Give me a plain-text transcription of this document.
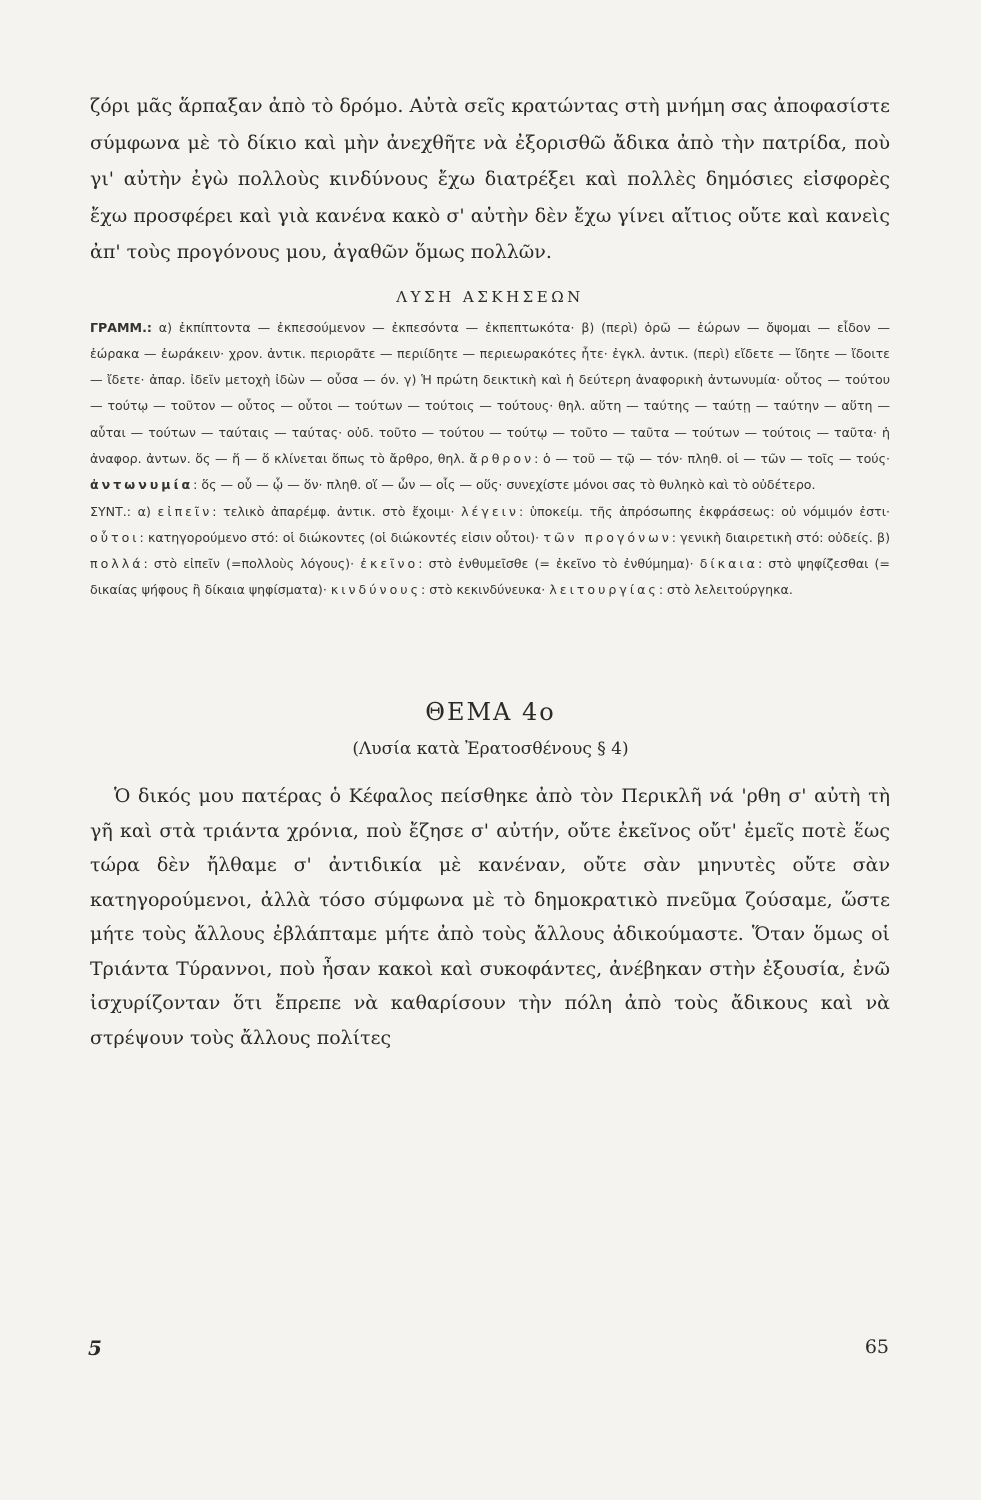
ζόρι μᾶς ἅρπαξαν ἀπὸ τὸ δρόμο. Αὐτὰ σεῖς κρατώντας στὴ μνήμη σας ἀποφασίστε σύμφωνα μὲ τὸ δίκιο καὶ μὴν ἀνεχθῆτε νὰ ἐξορισθῶ ἄδικα ἀπὸ τὴν πατρίδα, ποὺ γι' αὐτὴν ἐγὼ πολλοὺς κινδύνους ἔχω διατρέξει καὶ πολλὲς δημόσιες εἰσφορὲς ἔχω προσφέρει καὶ γιὰ κανένα κακὸ σ' αὐτὴν δὲν ἔχω γίνει αἴτιος οὔτε καὶ κανεὶς ἀπ' τοὺς προγόνους μου, ἀγαθῶν ὅμως πολλῶν.

ΛΥΣΗ ΑΣΚΗΣΕΩΝ

ΓΡΑΜΜ.: α) ἐκπίπτοντα — ἐκπεσούμενον — ἐκπεσόντα — ἐκπεπτωκότα· β) (περὶ) ὁρῶ — ἑώρων — ὄψομαι — εἶδον — ἑώρακα — ἑωράκειν· χρον. ἀντικ. περιορᾶτε — περιίδητε — περιεωρακότες ἦτε· ἐγκλ. ἀντικ. (περὶ) εἴδετε — ἴδητε — ἴδοιτε — ἴδετε· ἀπαρ. ἰδεῖν μετοχὴ ἰδὼν — οὖσα — όν. γ) Ἡ πρώτη δεικτικὴ καὶ ἡ δεύτερη ἀναφορικὴ ἀντωνυμία· οὗτος — τούτου — τούτῳ — τοῦτον — οὗτος — οὗτοι — τούτων — τούτοις — τούτους· θηλ. αὕτη — ταύτης — ταύτῃ — ταύτην — αὕτη — αὗται — τούτων — ταύταις — ταύτας· οὐδ. τοῦτο — τούτου — τούτῳ — τοῦτο — ταῦτα — τούτων — τούτοις — ταῦτα· ἡ ἀναφορ. ἀντων. ὅς — ἥ — ὅ κλίνεται ὅπως τὸ ἄρθρο, θηλ. ἄρθρον: ὁ — τοῦ — τῷ — τόν· πληθ. οἱ — τῶν — τοῖς — τούς· ἀντωνυμία: ὅς — οὗ — ᾧ — ὅν· πληθ. οἵ — ὧν — οἷς — οὕς· συνεχίστε μόνοι σας τὸ θυληκὸ καὶ τὸ οὐδέτερο.

ΣΥΝΤ.: α) εἰπεῖν: τελικὸ ἀπαρέμφ. ἀντικ. στὸ ἔχοιμι· λέγειν: ὑποκείμ. τῆς ἀπρόσωπης ἐκφράσεως: οὐ νόμιμόν ἐστι· οὗτοι: κατηγορούμενο στό: οἱ διώκοντες (οἱ διώκοντές εἰσιν οὗτοι)· τῶν προγόνων: γενικὴ διαιρετικὴ στό: οὐδείς. β) πολλά: στὸ εἰπεῖν (=πολλοὺς λόγους)· ἐκεῖνο: στὸ ἐνθυμεῖσθε (= ἐκεῖνο τὸ ἐνθύμημα)· δίκαια: στὸ ψηφίζεσθαι (= δικαίας ψήφους ἢ δίκαια ψηφίσματα)· κινδύνους: στὸ κεκινδύνευκα· λειτουργίας: στὸ λελειτούργηκα.

ΘΕΜΑ 4ο
(Λυσία κατὰ Ἐρατοσθένους § 4)

Ὁ δικός μου πατέρας ὁ Κέφαλος πείσθηκε ἀπὸ τὸν Περικλῆ νά 'ρθη σ' αὐτὴ τὴ γῆ καὶ στὰ τριάντα χρόνια, ποὺ ἔζησε σ' αὐτήν, οὔτε ἐκεῖνος οὔτ' ἐμεῖς ποτὲ ἕως τώρα δὲν ἤλθαμε σ' ἀντιδικία μὲ κανέναν, οὔτε σὰν μηνυτὲς οὔτε σὰν κατηγορούμενοι, ἀλλὰ τόσο σύμφωνα μὲ τὸ δημοκρατικὸ πνεῦμα ζούσαμε, ὥστε μήτε τοὺς ἄλλους ἐβλάπταμε μήτε ἀπὸ τοὺς ἄλλους ἀδικούμαστε. Ὅταν ὅμως οἱ Τριάντα Τύραννοι, ποὺ ἦσαν κακοὶ καὶ συκοφάντες, ἀνέβηκαν στὴν ἐξουσία, ἐνῶ ἰσχυρίζονταν ὅτι ἔπρεπε νὰ καθαρίσουν τὴν πόλη ἀπὸ τοὺς ἄδικους καὶ νὰ στρέψουν τοὺς ἄλλους πολίτες

5	65
